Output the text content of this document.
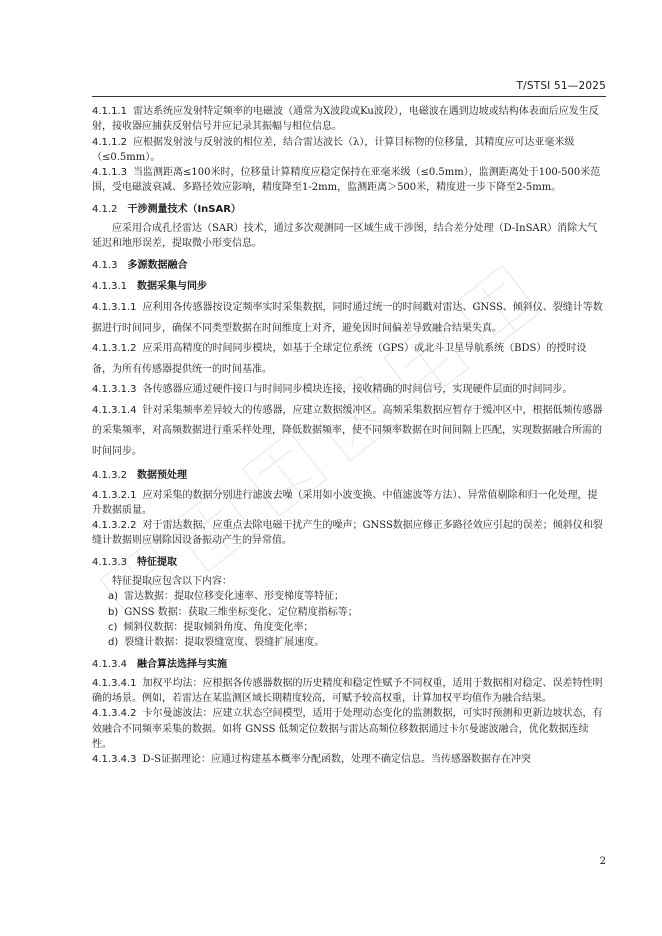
T/STSI 51—2025

4.1.1.1 雷达系统应发射特定频率的电磁波（通常为X波段或Ku波段），电磁波在遇到边坡或结构体表面后应发生反射，接收器应捕获反射信号并应记录其振幅与相位信息。

4.1.1.2 应根据发射波与反射波的相位差，结合雷达波长（λ），计算目标物的位移量，其精度应可达亚毫米级（≤0.5mm）。

4.1.1.3 当监测距离≤100米时，位移量计算精度应稳定保持在亚毫米级（≤0.5mm），监测距离处于100-500米范围，受电磁波衰减、多路径效应影响，精度降至1-2mm，监测距离＞500米，精度进一步下降至2-5mm。

4.1.2 干涉测量技术（InSAR）

应采用合成孔径雷达（SAR）技术，通过多次观测同一区域生成干涉图，结合差分处理（D-InSAR）消除大气延迟和地形误差，提取微小形变信息。

4.1.3 多源数据融合
4.1.3.1 数据采集与同步

4.1.3.1.1 应利用各传感器按设定频率实时采集数据，同时通过统一的时间戳对雷达、GNSS、倾斜仪、裂缝计等数据进行时间同步，确保不同类型数据在时间维度上对齐，避免因时间偏差导致融合结果失真。

4.1.3.1.2 应采用高精度的时间同步模块，如基于全球定位系统（GPS）或北斗卫星导航系统（BDS）的授时设备，为所有传感器提供统一的时间基准。

4.1.3.1.3 各传感器应通过硬件接口与时间同步模块连接，接收精确的时间信号，实现硬件层面的时间同步。

4.1.3.1.4 针对采集频率差异较大的传感器，应建立数据缓冲区。高频采集数据应暂存于缓冲区中，根据低频传感器的采集频率，对高频数据进行重采样处理，降低数据频率，使不同频率数据在时间间隔上匹配，实现数据融合所需的时间同步。

4.1.3.2 数据预处理

4.1.3.2.1 应对采集的数据分别进行滤波去噪（采用如小波变换、中值滤波等方法）、异常值剔除和归一化处理，提升数据质量。

4.1.3.2.2 对于雷达数据，应重点去除电磁干扰产生的噪声；GNSS数据应修正多路径效应引起的误差；倾斜仪和裂缝计数据则应剔除因设备振动产生的异常值。

4.1.3.3 特征提取

特征提取应包含以下内容：

a) 雷达数据：提取位移变化速率、形变梯度等特征；

b) GNSS 数据：获取三维坐标变化、定位精度指标等；

c) 倾斜仪数据：提取倾斜角度、角度变化率；

d) 裂缝计数据：提取裂缝宽度、裂缝扩展速度。

4.1.3.4 融合算法选择与实施

4.1.3.4.1 加权平均法：应根据各传感器数据的历史精度和稳定性赋予不同权重，适用于数据相对稳定、误差特性明确的场景。例如，若雷达在某监测区域长期精度较高，可赋予较高权重，计算加权平均值作为融合结果。

4.1.3.4.2 卡尔曼滤波法：应建立状态空间模型，适用于处理动态变化的监测数据，可实时预测和更新边坡状态，有效融合不同频率采集的数据。如将 GNSS 低频定位数据与雷达高频位移数据通过卡尔曼滤波融合，优化数据连续性。

4.1.3.4.3 D-S证据理论：应通过构建基本概率分配函数，处理不确定信息。当传感器数据存在冲突

2
